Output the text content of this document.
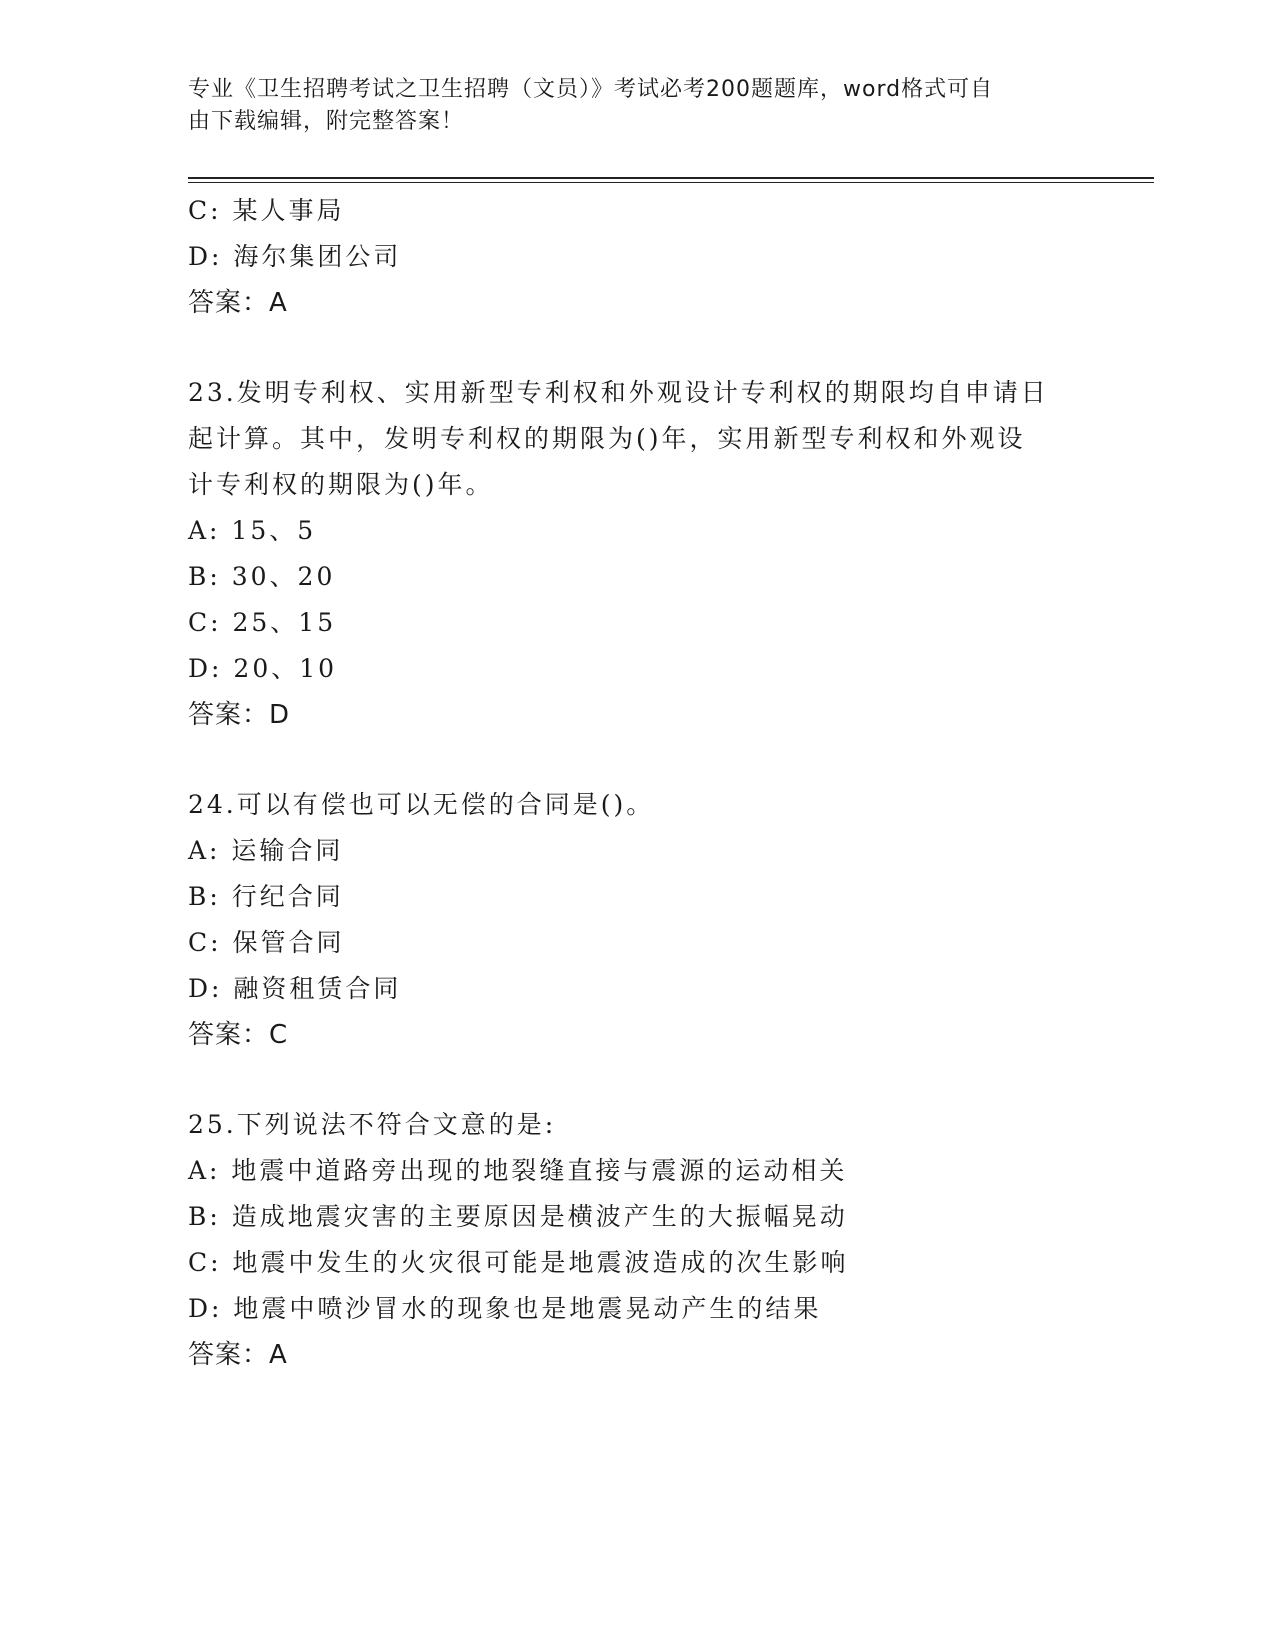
专业《卫生招聘考试之卫生招聘（文员）》考试必考200题题库，word格式可自
由下载编辑，附完整答案！
C: 某人事局
D: 海尔集团公司
答案：A
23.发明专利权、实用新型专利权和外观设计专利权的期限均自申请日
起计算。其中，发明专利权的期限为()年，实用新型专利权和外观设
计专利权的期限为()年。
A: 15、5
B: 30、20
C: 25、15
D: 20、10
答案：D
24.可以有偿也可以无偿的合同是()。
A: 运输合同
B: 行纪合同
C: 保管合同
D: 融资租赁合同
答案：C
25.下列说法不符合文意的是:
A: 地震中道路旁出现的地裂缝直接与震源的运动相关
B: 造成地震灾害的主要原因是横波产生的大振幅晃动
C: 地震中发生的火灾很可能是地震波造成的次生影响
D: 地震中喷沙冒水的现象也是地震晃动产生的结果
答案：A
